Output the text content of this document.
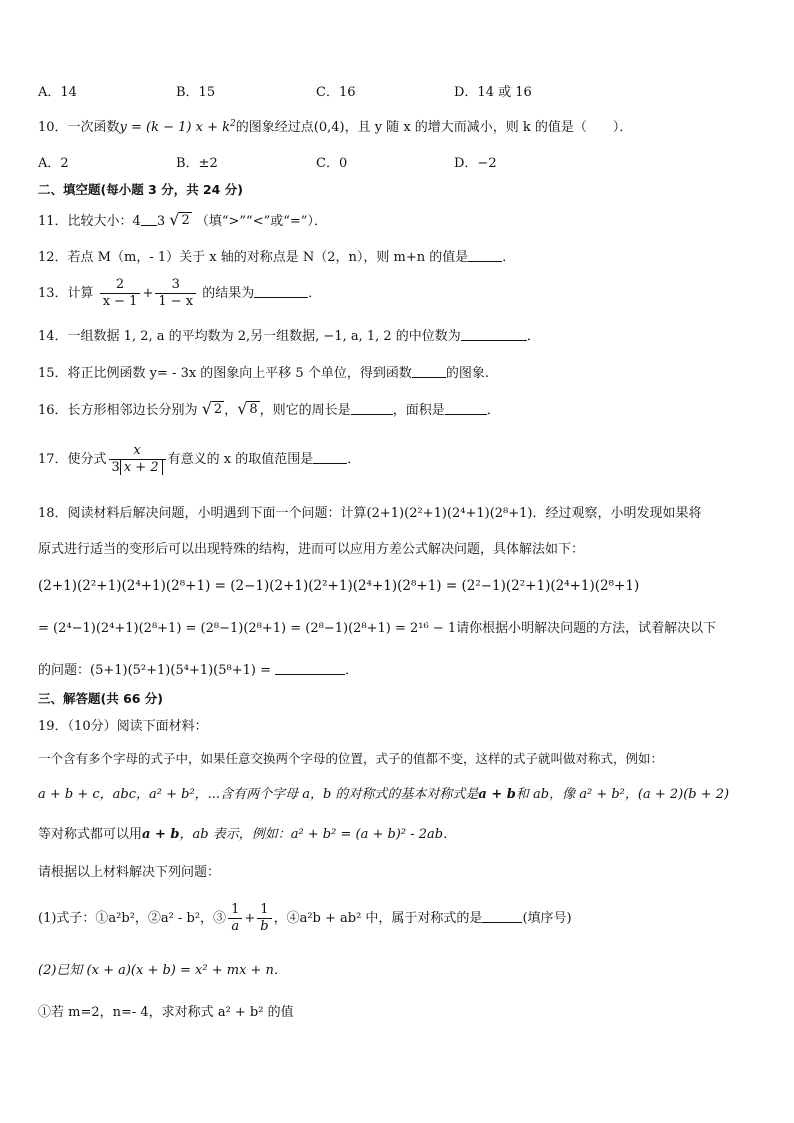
A．14	B．15	C．16	D．14 或 16
10．一次函数y = (k − 1) $x + k^2$的图象经过点(0,4)，且 y 随 x 的增大而减小，则 k 的值是（　　）．
A．2	B．±2	C．0	D．−2
二、填空题(每小题 3 分，共 24 分)
11．比较大小：4 3 √ 2 （填“>”“<”或“=”）．
12．若点 M（m，- 1）关于 x 轴的对称点是 N（2，n），则 m+n 的值是	．
13．计算 $\frac{2}{x - 1} + \frac{3}{1 - x}$ 的结果为	．
14．一组数据 1, 2, a 的平均数为 2,另一组数据, −1, a, 1, 2 的中位数为	．
15．将正比例函数 y= - 3x 的图象向上平移 5 个单位，得到函数	的图象.
16．长方形相邻边长分别为 √ 2 ， √ 8 ，则它的周长是	，面积是	．
17．使分式 $\frac{x}{3 x + 2}$ 有意义的 x 的取值范围是	．
18．阅读材料后解决问题，小明遇到下面一个问题：计算(2+1)(2²+1)(2⁴+1)(2⁸+1)．经过观察，小明发现如果将
原式进行适当的变形后可以出现特殊的结构，进而可以应用方差公式解决问题，具体解法如下：
(2+1)(2²+1)(2⁴+1)(2⁸+1) = (2−1)(2+1)(2²+1)(2⁴+1)(2⁸+1) = (2²−1)(2²+1)(2⁴+1)(2⁸+1)
= (2⁴−1)(2⁴+1)(2⁸+1) = (2⁸−1)(2⁸+1) = (2⁸−1)(2⁸+1) = 2¹⁶ − 1请你根据小明解决问题的方法，试着解决以下
的问题：(5+1)(5²+1)(5⁴+1)(5⁸+1) =	．
三、解答题(共 66 分)
19．（10分）阅读下面材料：
一个含有多个字母的式子中，如果任意交换两个字母的位置，式子的值都不变，这样的式子就叫做对称式，例如：
a + b + c，abc，a² + b²，...含有两个字母 a，b 的对称式的基本对称式是a + b和 ab，像 a² + b²，(a + 2)(b + 2)
等对称式都可以用a + b，ab 表示，例如：a² + b² = (a + b)² - 2ab．
请根据以上材料解决下列问题：
(1)式子：①a²b²，②a² - b²，③ $\frac{1}{a} + \frac{1}{b}$ ，④a²b + ab² 中，属于对称式的是	(填序号)
(2)已知 (x + a)(x + b) = x² + mx + n．
①若 m=2，n=- 4，求对称式 a² + b² 的值
